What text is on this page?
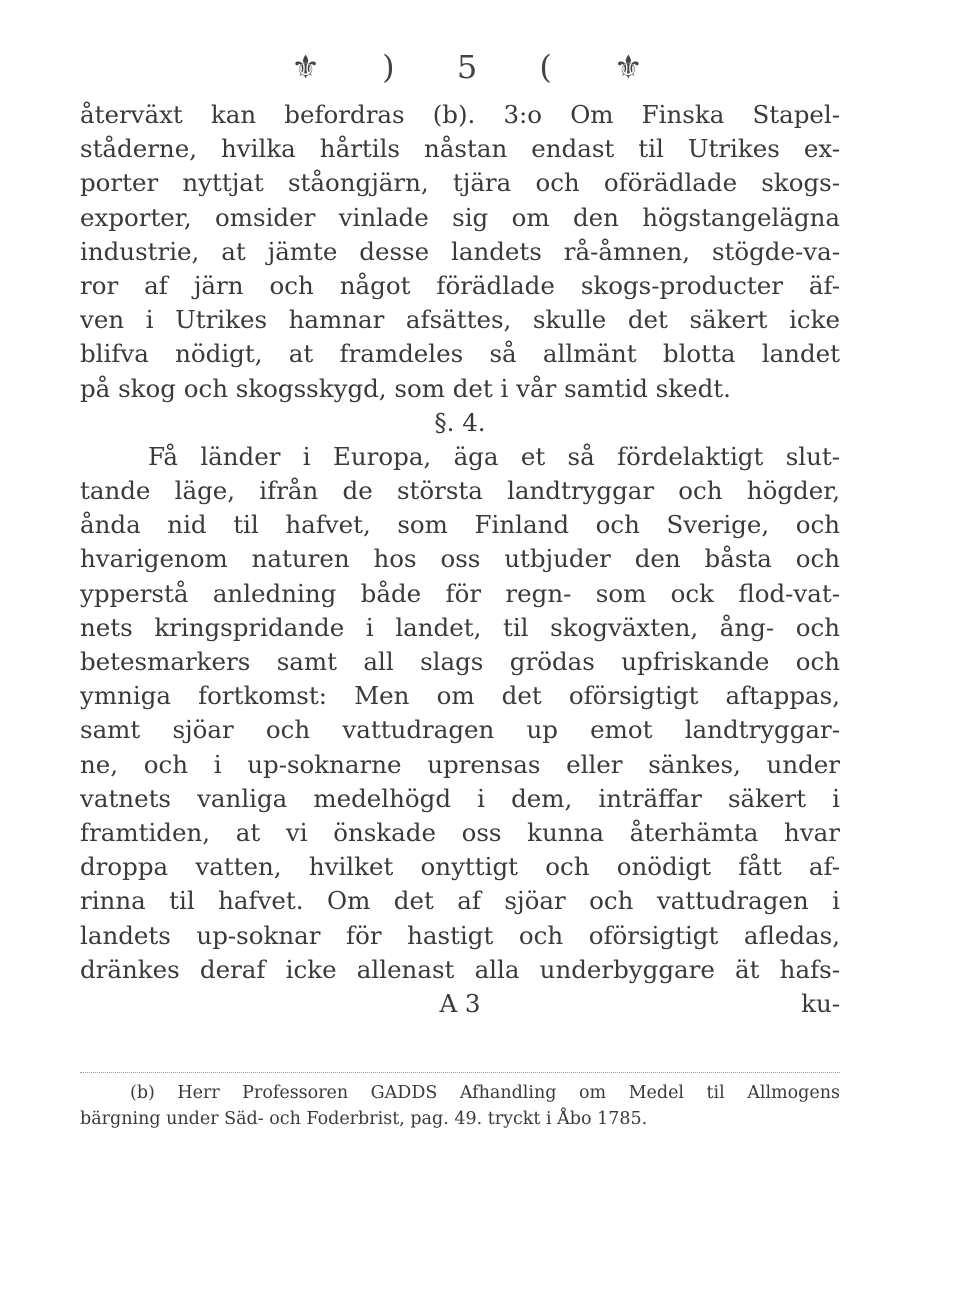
⚜ ) 5 ( ⚜
återväxt kan befordras (b). 3:o Om Finska Stapel-
ståderne, hvilka hårtils nåstan endast til Utrikes ex-
porter nyttjat ståongjärn, tjära och oförädlade skogs-
exporter, omsider vinlade sig om den högstangelägna
industrie, at jämte desse landets rå-åmnen, stögde-va-
ror af järn och något förädlade skogs-producter äf-
ven i Utrikes hamnar afsättes, skulle det säkert icke
blifva nödigt, at framdeles så allmänt blotta landet
på skog och skogsskygd, som det i vår samtid skedt.
§. 4.
Få länder i Europa, äga et så fördelaktigt slut-
tande läge, ifrån de största landtryggar och högder,
ånda nid til hafvet, som Finland och Sverige, och
hvarigenom naturen hos oss utbjuder den båsta och
ypperstå anledning både för regn- som ock flod-vat-
nets kringspridande i landet, til skogväxten, ång- och
betesmarkers samt all slags grödas upfriskande och
ymniga fortkomst: Men om det oförsigtigt aftappas,
samt sjöar och vattudragen up emot landtryggar-
ne, och i up-soknarne uprensas eller sänkes, under
vatnets vanliga medelhögd i dem, inträffar säkert i
framtiden, at vi önskade oss kunna återhämta hvar
droppa vatten, hvilket onyttigt och onödigt fått af-
rinna til hafvet. Om det af sjöar och vattudragen i
landets up-soknar för hastigt och oförsigtigt afledas,
dränkes deraf icke allenast alla underbyggare ät hafs-
A 3	ku-
(b) Herr Professoren GADDS Afhandling om Medel til Allmogens
bärgning under Säd- och Foderbrist, pag. 49. tryckt i Åbo 1785.
